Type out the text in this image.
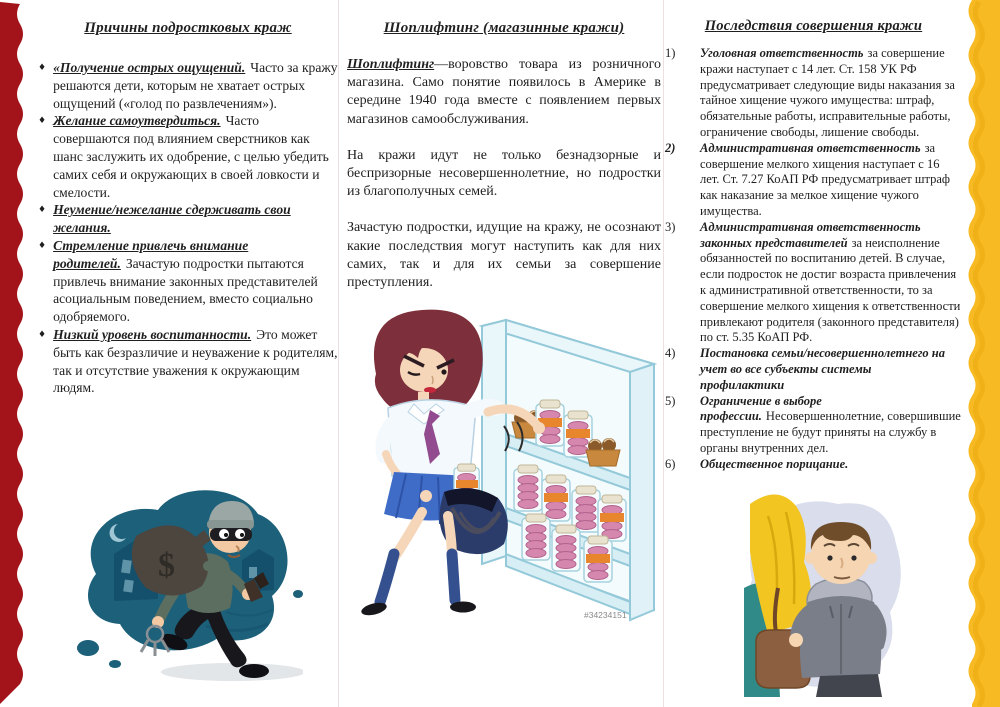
Причины подростковых краж
♦ «Получение острых ощущений. Часто за кражу решаются дети, которым не хватает острых ощущений («голод по развлечениям»).

♦ Желание самоутвердиться. Часто совершаются под влиянием сверстников как шанс заслужить их одобрение, с целью убедить самих себя и окружающих в своей ловкости и смелости.

♦ Неумение/нежелание сдерживать свои желания.

♦ Стремление привлечь внимание родителей. Зачастую подростки пытаются привлечь внимание законных представителей асоциальным поведением, вместо социально одобряемого.

♦ Низкий уровень воспитанности. Это может быть как безразличие и неуважение к родителям, так и отсутствие уважения к окружающим людям.

Шоплифтинг (магазинные кражи)

Шоплифтинг—воровство товара из розничного магазина. Само понятие появилось в Америке в середине 1940 года вместе с появлением первых магазинов самообслуживания.

На кражи идут не только безнадзорные и беспризорные несовершеннолетние, но подростки из благополучных семей.

Зачастую подростки, идущие на кражу, не осознают какие последствия могут наступить как для них самих, так и для их семьи за совершение преступления.

Последствия совершения кражи
1)	Уголовная ответственность за совершение кражи наступает с 14 лет. Ст. 158 УК РФ предусматривает следующие виды наказания за тайное хищение чужого имущества: штраф, обязательные работы, исправительные работы, ограничение свободы, лишение свободы.

2)	Административная ответственность за совершение мелкого хищения наступает с 16 лет. Ст. 7.27 КоАП РФ предусматривает штраф как наказание за мелкое хищение чужого имущества.

3)	Административная ответственность законных представителей за неисполнение обязанностей по воспитанию детей. В случае, если подросток не достиг возраста привлечения к административной ответственности, то за совершение мелкого хищения к ответственности привлекают родителя (законного представителя) по ст. 5.35 КоАП РФ.

4)	Постановка семьи/несовершеннолетнего на учет во все субъекты системы профилактики

5)	Ограничение в выборе профессии. Несовершеннолетние, совершившие преступление не будут приняты на службу в органы внутренних дел.

6)	Общественное порицание.

$
#34234151
